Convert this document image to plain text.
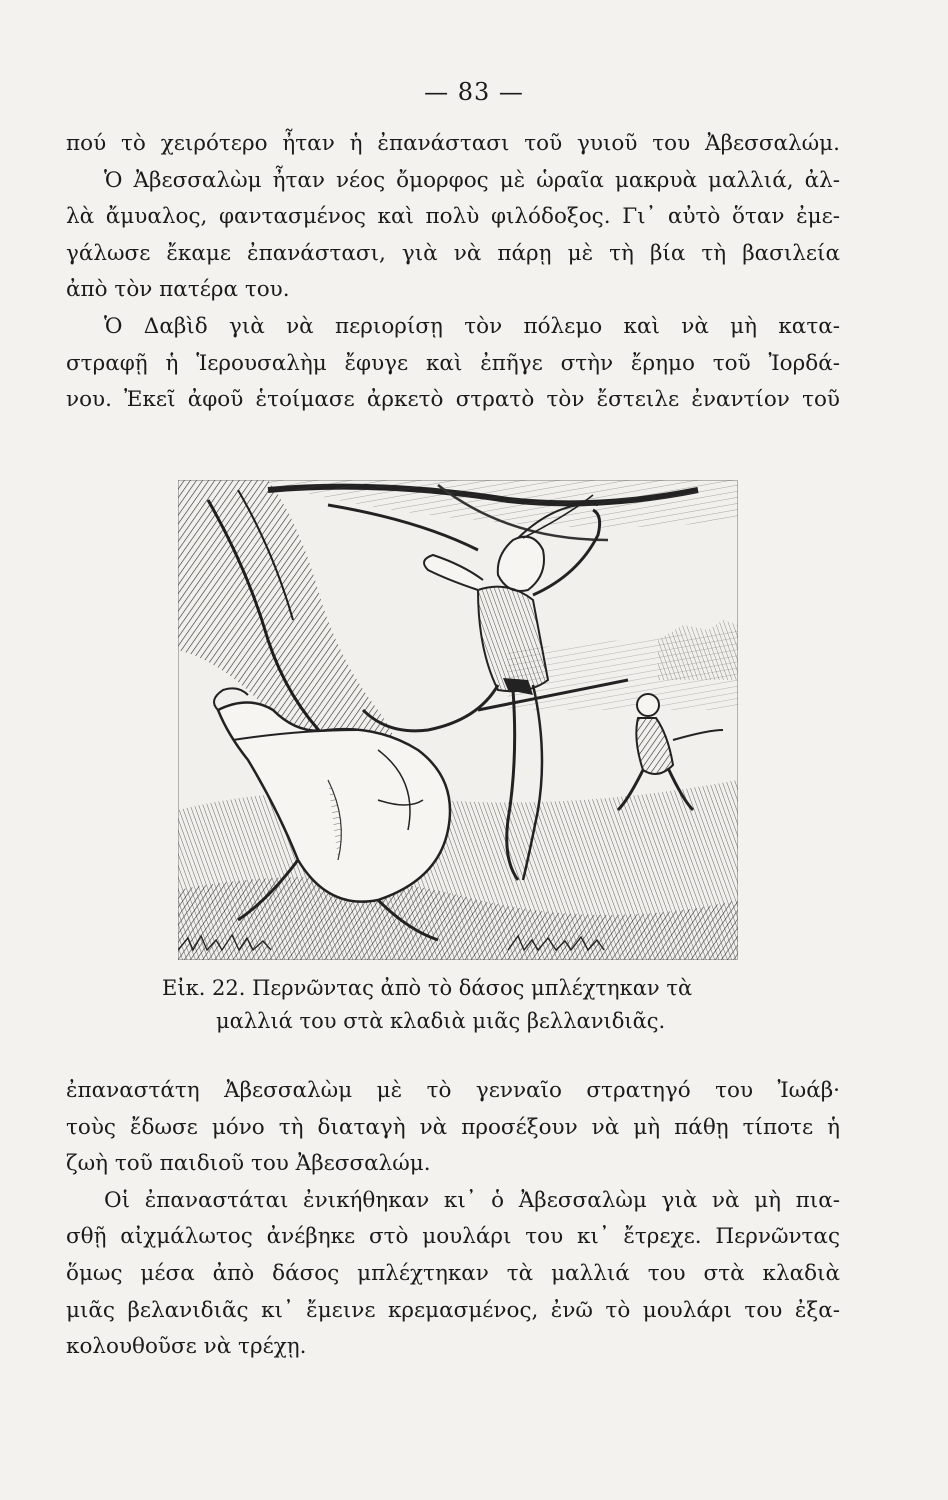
— 83 —
πού τὸ χειρότερο ἦταν ἡ ἐπανάστασι τοῦ γυιοῦ του Ἀβεσσαλώμ.
Ὁ Ἀβεσσαλὼμ ἦταν νέος ὄμορφος μὲ ὡραῖα μακρυὰ μαλλιά, ἀλ-
λὰ ἄμυαλος, φαντασμένος καὶ πολὺ φιλόδοξος. Γι᾿ αὐτὸ ὅταν ἐμε-
γάλωσε ἔκαμε ἐπανάστασι, γιὰ νὰ πάρῃ μὲ τὴ βία τὴ βασιλεία
ἀπὸ τὸν πατέρα του.
Ὁ Δαβὶδ γιὰ νὰ περιορίσῃ τὸν πόλεμο καὶ νὰ μὴ κατα-
στραφῇ ἡ Ἱερουσαλὴμ ἔφυγε καὶ ἐπῆγε στὴν ἔρημο τοῦ Ἰορδά-
νου. Ἐκεῖ ἀφοῦ ἑτοίμασε ἀρκετὸ στρατὸ τὸν ἔστειλε ἐναντίον τοῦ
Εἰκ. 22. Περνῶντας ἀπὸ τὸ δάσος μπλέχτηκαν τὰ
μαλλιά του στὰ κλαδιὰ μιᾶς βελλανιδιᾶς.
ἐπαναστάτη Ἀβεσσαλὼμ μὲ τὸ γενναῖο στρατηγό του Ἰωάβ·
τοὺς ἔδωσε μόνο τὴ διαταγὴ νὰ προσέξουν νὰ μὴ πάθῃ τίποτε ἡ
ζωὴ τοῦ παιδιοῦ του Ἀβεσσαλώμ.
Οἱ ἐπαναστάται ἐνικήθηκαν κι᾿ ὁ Ἀβεσσαλὼμ γιὰ νὰ μὴ πια-
σθῇ αἰχμάλωτος ἀνέβηκε στὸ μουλάρι του κι᾿ ἔτρεχε. Περνῶντας
ὅμως μέσα ἀπὸ δάσος μπλέχτηκαν τὰ μαλλιά του στὰ κλαδιὰ
μιᾶς βελανιδιᾶς κι᾿ ἔμεινε κρεμασμένος, ἐνῶ τὸ μουλάρι του ἐξα-
κολουθοῦσε νὰ τρέχῃ.
